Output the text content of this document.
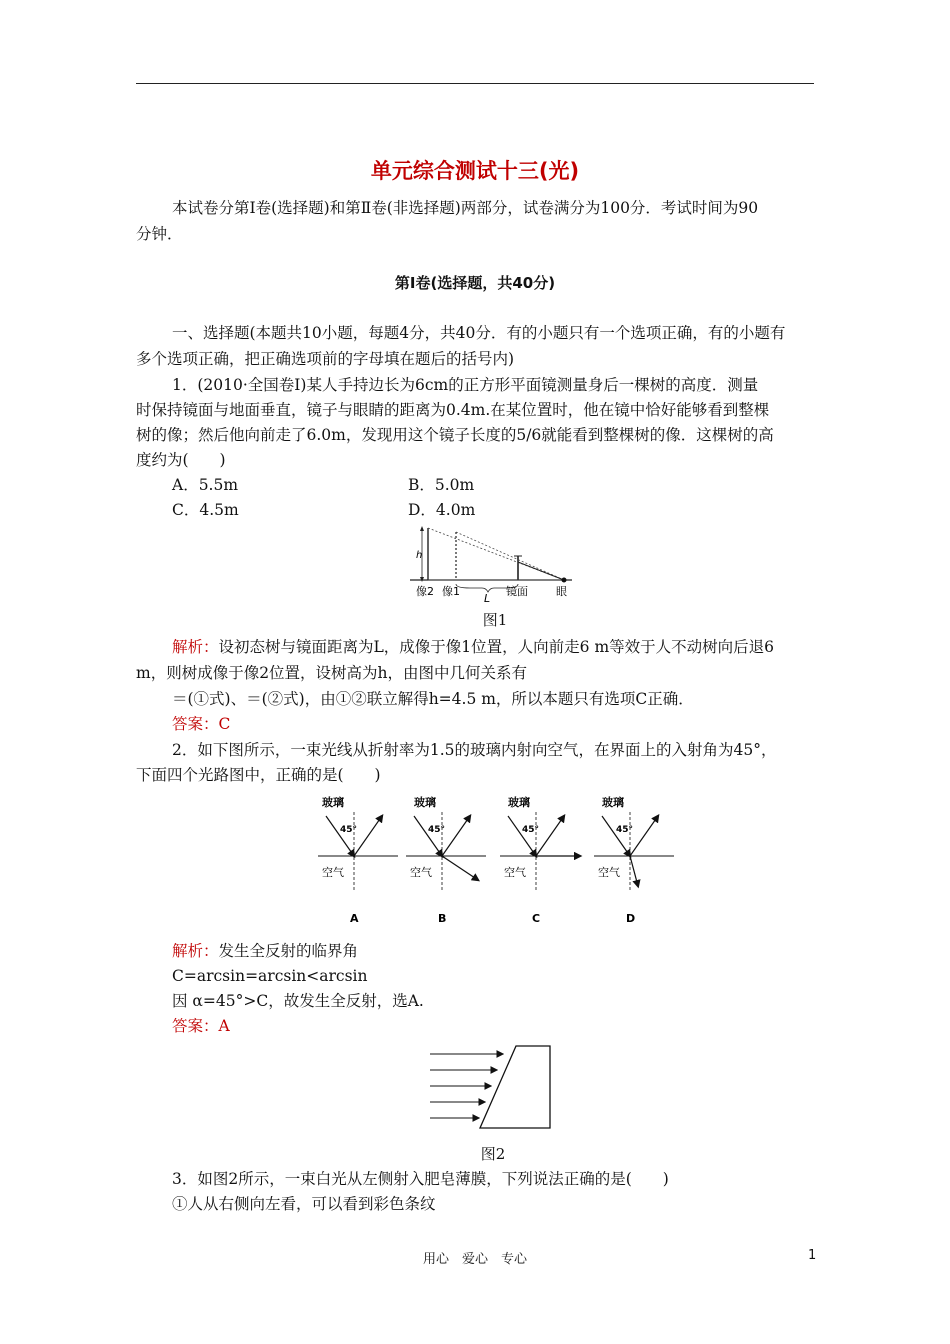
单元综合测试十三(光)
本试卷分第Ⅰ卷(选择题)和第Ⅱ卷(非选择题)两部分，试卷满分为100分．考试时间为90
分钟．
第Ⅰ卷(选择题，共40分)
一、选择题(本题共10小题，每题4分，共40分．有的小题只有一个选项正确，有的小题有
多个选项正确，把正确选项前的字母填在题后的括号内)
1．(2010·全国卷Ⅰ)某人手持边长为6cm的正方形平面镜测量身后一棵树的高度．测量
时保持镜面与地面垂直，镜子与眼睛的距离为0.4m.在某位置时，他在镜中恰好能够看到整棵
树的像；然后他向前走了6.0m，发现用这个镜子长度的5/6就能看到整棵树的像．这棵树的高
度约为(　　)
A．5.5m	B．5.0m
C．4.5m	D．4.0m
h
L
像2 像1	镜面	眼
图1
解析：设初态树与镜面距离为L，成像于像1位置，人向前走6 m等效于人不动树向后退6
m，则树成像于像2位置，设树高为h，由图中几何关系有
＝(①式)、＝(②式)，由①②联立解得h=4.5 m，所以本题只有选项C正确．
答案：C
2．如下图所示，一束光线从折射率为1.5的玻璃内射向空气，在界面上的入射角为45°，
下面四个光路图中，正确的是(　　)
玻璃
45°
空气
A
玻璃
45°
空气
B
玻璃
45°
空气
C
玻璃
45°
空气
D
解析：发生全反射的临界角
C=arcsin=arcsin<arcsin
因 α=45°>C，故发生全反射，选A.
答案：A
图2
3．如图2所示，一束白光从左侧射入肥皂薄膜，下列说法正确的是(　　)
①人从右侧向左看，可以看到彩色条纹
用心　爱心　专心	1
